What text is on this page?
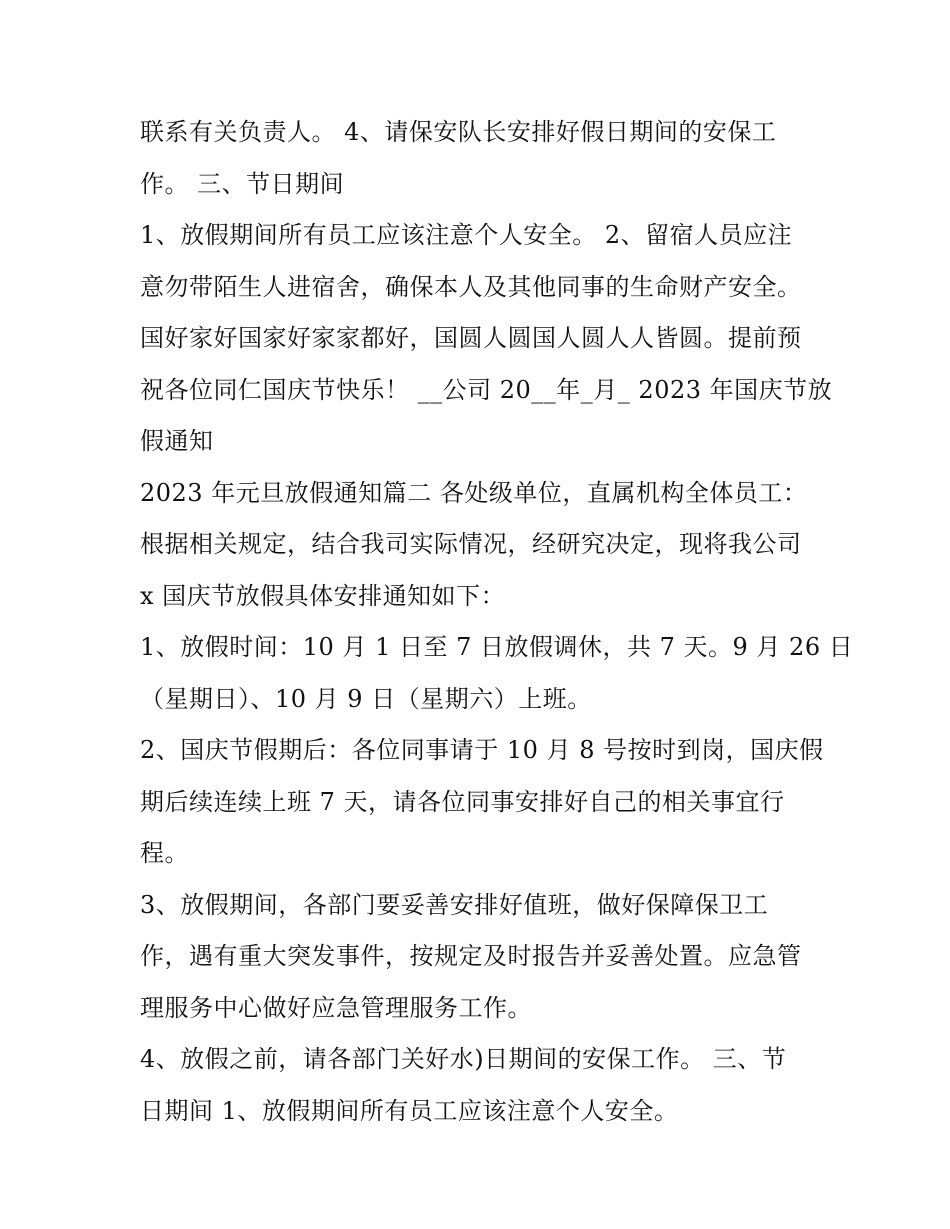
联系有关负责人。 4、请保安队长安排好假日期间的安保工
作。 三、节日期间
1、放假期间所有员工应该注意个人安全。 2、留宿人员应注
意勿带陌生人进宿舍，确保本人及其他同事的生命财产安全。
国好家好国家好家家都好，国圆人圆国人圆人人皆圆。提前预
祝各位同仁国庆节快乐！ __公司 20__年_月_ 2023 年国庆节放
假通知
2023 年元旦放假通知篇二 各处级单位，直属机构全体员工：
根据相关规定，结合我司实际情况，经研究决定，现将我公司
x 国庆节放假具体安排通知如下：
1、放假时间：10 月 1 日至 7 日放假调休，共 7 天。9 月 26 日
（星期日）、10 月 9 日（星期六）上班。
2、国庆节假期后：各位同事请于 10 月 8 号按时到岗，国庆假
期后续连续上班 7 天，请各位同事安排好自己的相关事宜行
程。
3、放假期间，各部门要妥善安排好值班，做好保障保卫工
作，遇有重大突发事件，按规定及时报告并妥善处置。应急管
理服务中心做好应急管理服务工作。
4、放假之前，请各部门关好水)日期间的安保工作。 三、节
日期间 1、放假期间所有员工应该注意个人安全。
